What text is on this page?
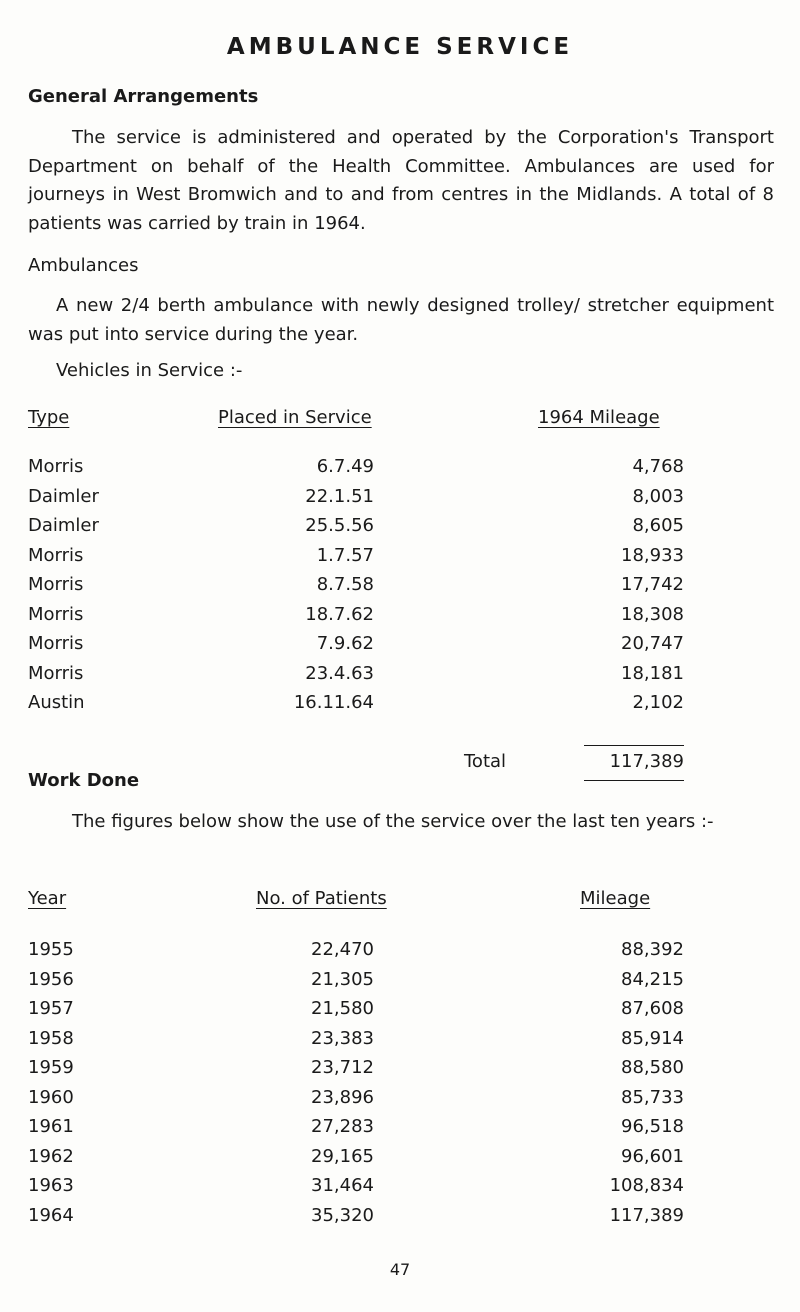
AMBULANCE SERVICE
General Arrangements
The service is administered and operated by the Corporation's Transport Department on behalf of the Health Committee. Ambulances are used for journeys in West Bromwich and to and from centres in the Midlands. A total of 8 patients was carried by train in 1964.
Ambulances
A new 2/4 berth ambulance with newly designed trolley/ stretcher equipment was put into service during the year.
Vehicles in Service :-
Type	Placed in Service	1964 Mileage
Morris	6.7.49	4,768
Daimler	22.1.51	8,003
Daimler	25.5.56	8,605
Morris	1.7.57	18,933
Morris	8.7.58	17,742
Morris	18.7.62	18,308
Morris	7.9.62	20,747
Morris	23.4.63	18,181
Austin	16.11.64	2,102
Total	117,389
Work Done
The figures below show the use of the service over the last ten years :-
Year	No. of Patients	Mileage
1955	22,470	88,392
1956	21,305	84,215
1957	21,580	87,608
1958	23,383	85,914
1959	23,712	88,580
1960	23,896	85,733
1961	27,283	96,518
1962	29,165	96,601
1963	31,464	108,834
1964	35,320	117,389
47
